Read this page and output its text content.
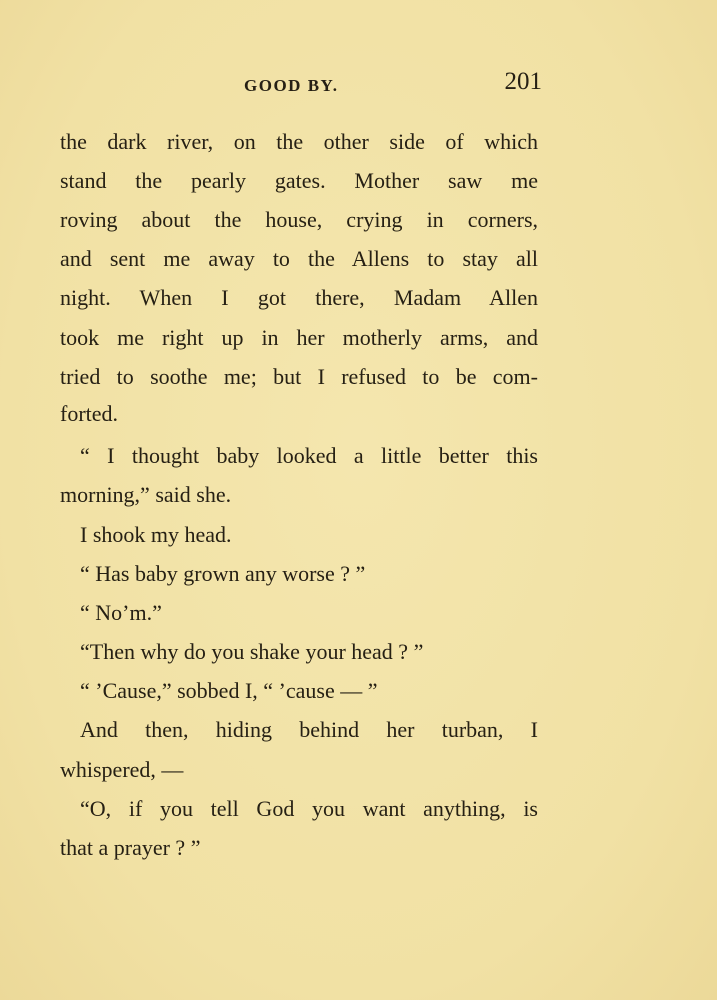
GOOD BY.	201
the dark river, on the other side of which
stand the pearly gates. Mother saw me
roving about the house, crying in corners,
and sent me away to the Allens to stay all
night. When I got there, Madam Allen
took me right up in her motherly arms, and
tried to soothe me; but I refused to be com-
forted.
“ I thought baby looked a little better this
morning,” said she.
I shook my head.
“ Has baby grown any worse ? ”
“ No’m.”
“Then why do you shake your head ? ”
“ ’Cause,” sobbed I, “ ’cause — ”
And then, hiding behind her turban, I
whispered, —
“O, if you tell God you want anything, is
that a prayer ? ”
